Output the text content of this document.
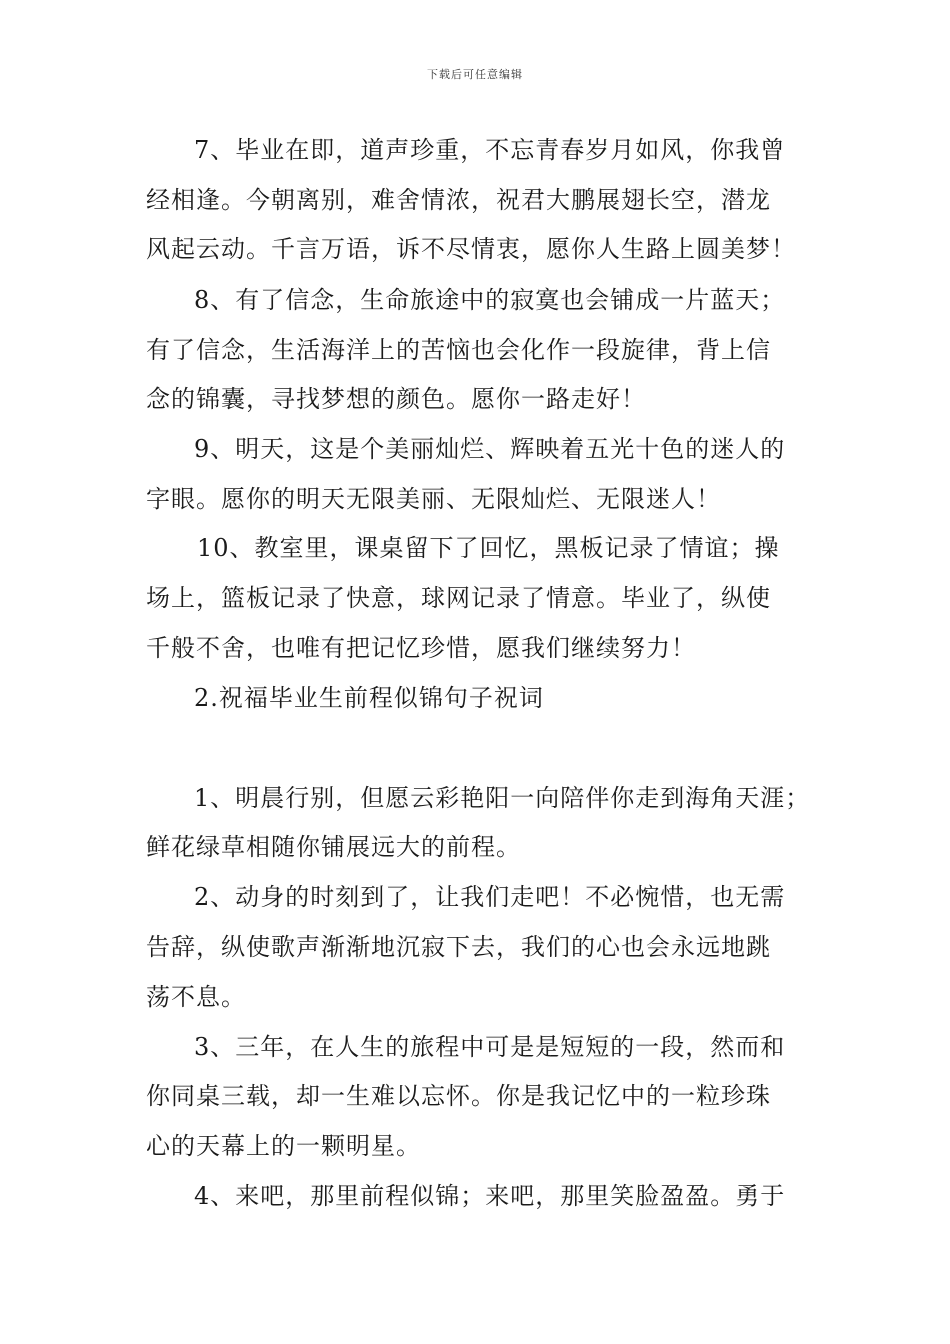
下载后可任意编辑
7、毕业在即，道声珍重，不忘青春岁月如风，你我曾
经相逢。今朝离别，难舍情浓，祝君大鹏展翅长空，潜龙
风起云动。千言万语，诉不尽情衷，愿你人生路上圆美梦！
8、有了信念，生命旅途中的寂寞也会铺成一片蓝天；
有了信念，生活海洋上的苦恼也会化作一段旋律，背上信
念的锦囊，寻找梦想的颜色。愿你一路走好！
9、明天，这是个美丽灿烂、辉映着五光十色的迷人的
字眼。愿你的明天无限美丽、无限灿烂、无限迷人！
10、教室里，课桌留下了回忆，黑板记录了情谊；操
场上，篮板记录了快意，球网记录了情意。毕业了，纵使
千般不舍，也唯有把记忆珍惜，愿我们继续努力！
2.祝福毕业生前程似锦句子祝词
1、明晨行别，但愿云彩艳阳一向陪伴你走到海角天涯；
鲜花绿草相随你铺展远大的前程。
2、动身的时刻到了，让我们走吧！不必惋惜，也无需
告辞，纵使歌声渐渐地沉寂下去，我们的心也会永远地跳
荡不息。
3、三年，在人生的旅程中可是是短短的一段，然而和
你同桌三载，却一生难以忘怀。你是我记忆中的一粒珍珠
心的天幕上的一颗明星。
4、来吧，那里前程似锦；来吧，那里笑脸盈盈。勇于
